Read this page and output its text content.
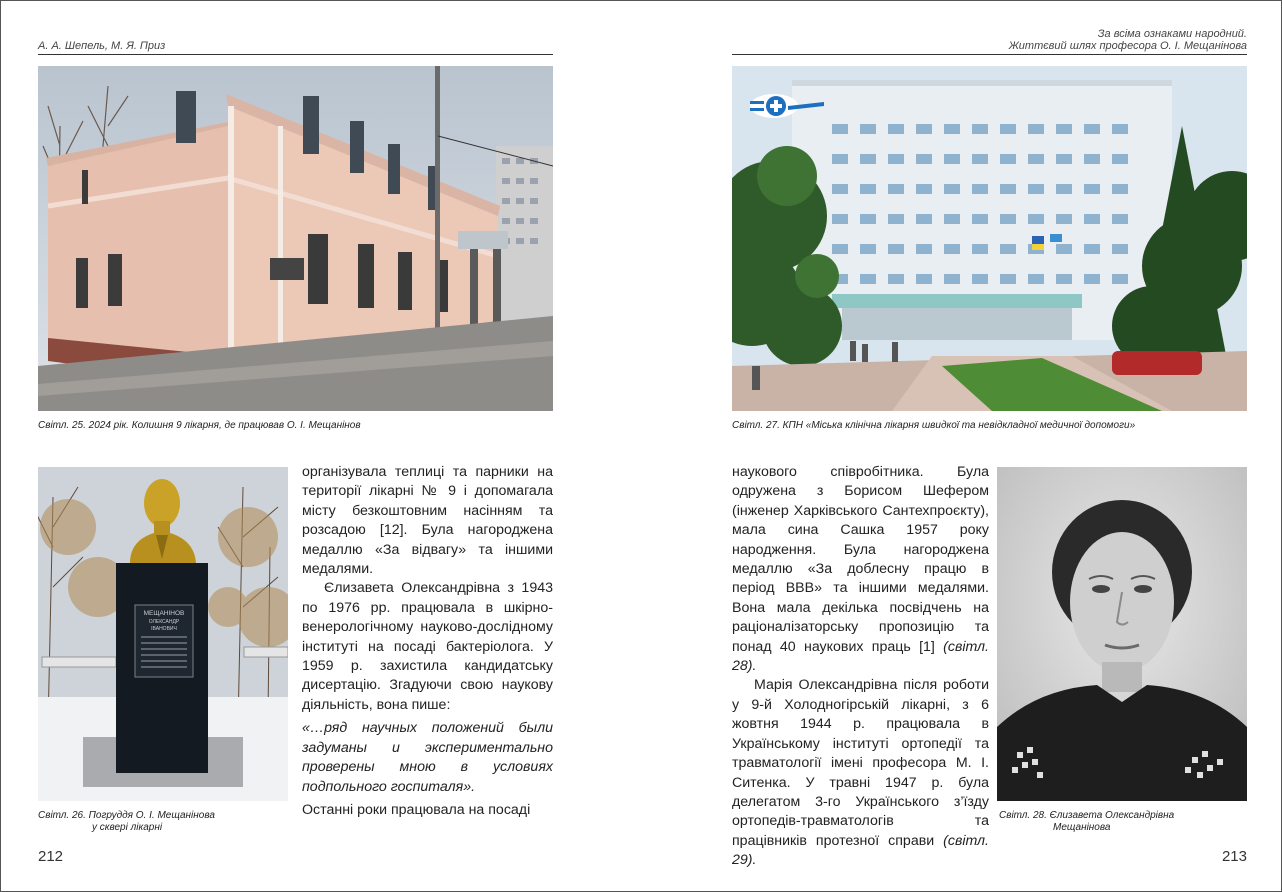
А. А. Шепель, М. Я. Приз
Світл. 25. 2024 рік. Колишня 9 лікарня, де працював О. І. Мещанінов
МЕЩАНІНОВ
ОЛЕКСАНДР
ІВАНОВИЧ
Світл. 26. Погруддя О. І. Мещанінова
у сквері лікарні

організувала теплиці та парники на території лікарні № 9 і допомагала місту безкоштовним насінням та розсадою [12]. Була нагороджена медаллю «За відвагу» та іншими медалями.

Єлизавета Олександрівна з 1943 по 1976 рр. працювала в шкірно-венерологічному науково-дослідному інституті на посаді бактеріолога. У 1959 р. захистила кандидатську дисертацію. Згадуючи свою наукову діяльність, вона пише:

«…ряд научных положений были задуманы и экспериментально проверены мною в условиях подпольного госпиталя».

Останні роки працювала на посаді

212
За всіма ознаками народний.
Життєвий шлях професора О. І. Мещанінова
Світл. 27. КПН «Міська клінічна лікарня швидкої та невідкладної медичної допомоги»

наукового співробітника. Була одружена з Борисом Шефером (інженер Харківського Сантехпроєкту), мала сина Сашка 1957 року народження. Була нагороджена медаллю «За доблесну працю в період ВВВ» та іншими медалями. Вона мала декілька посвідчень на раціоналізаторську пропозицію та понад 40 наукових праць [1] (світл. 28).

Марія Олександрівна після роботи у 9-й Холодногірській лікарні, з 6 жовтня 1944 р. працювала в Українському інституті ортопедії та травматології імені професора М. І. Ситенка. У травні 1947 р. була делегатом 3-го Українського з’їзду ортопедів-травматологів та працівників протезної справи (світл. 29).

Світл. 28. Єлизавета Олександрівна
Мещанінова
213
